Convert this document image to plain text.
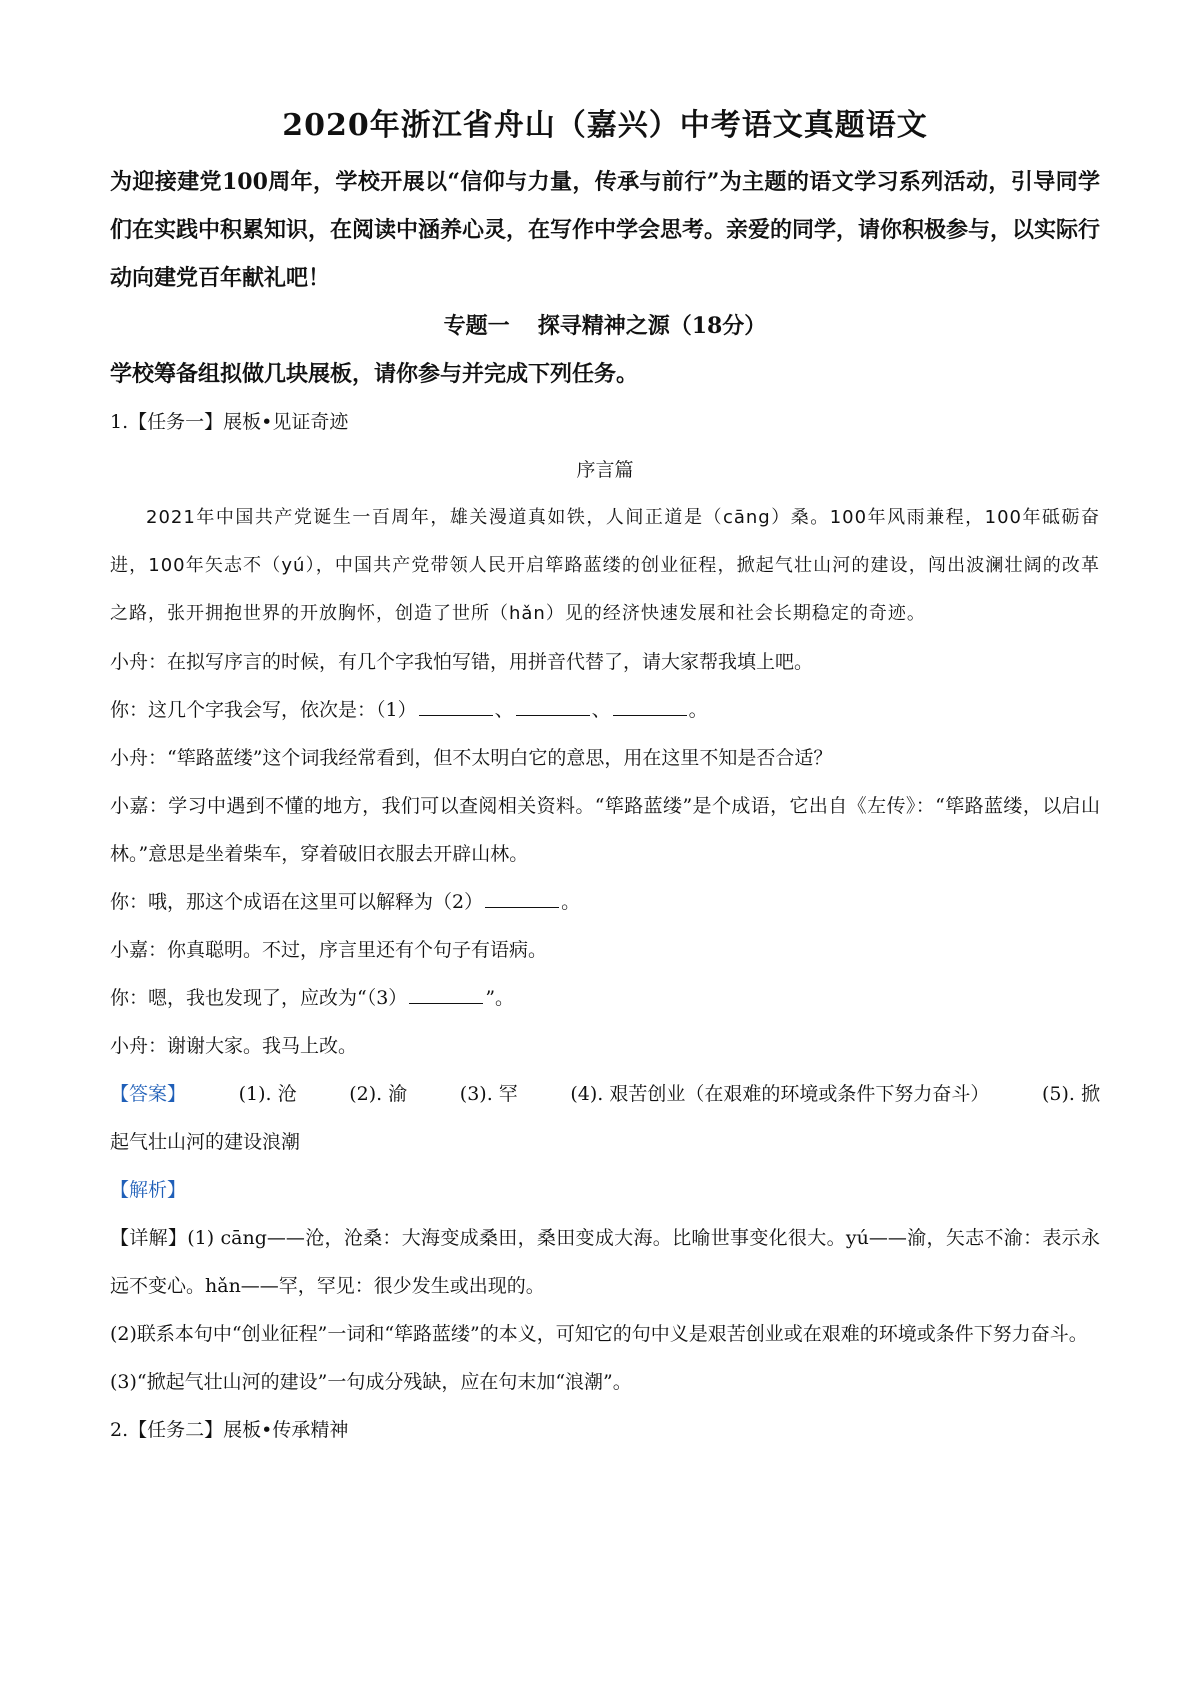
2020年浙江省舟山（嘉兴）中考语文真题语文

为迎接建党100周年，学校开展以“信仰与力量，传承与前行”为主题的语文学习系列活动，引导同学们在实践中积累知识，在阅读中涵养心灵，在写作中学会思考。亲爱的同学，请你积极参与，以实际行动向建党百年献礼吧！

专题一 探寻精神之源（18分）

学校筹备组拟做几块展板，请你参与并完成下列任务。

1.【任务一】展板•见证奇迹

序言篇

2021年中国共产党诞生一百周年，雄关漫道真如铁，人间正道是（cāng）桑。100年风雨兼程，100年砥砺奋进，100年矢志不（yú），中国共产党带领人民开启筚路蓝缕的创业征程，掀起气壮山河的建设，闯出波澜壮阔的改革之路，张开拥抱世界的开放胸怀，创造了世所（hǎn）见的经济快速发展和社会长期稳定的奇迹。

小舟：在拟写序言的时候，有几个字我怕写错，用拼音代替了，请大家帮我填上吧。

你：这几个字我会写，依次是：（1）	、	、	。

小舟：“筚路蓝缕”这个词我经常看到，但不太明白它的意思，用在这里不知是否合适？

小嘉：学习中遇到不懂的地方，我们可以查阅相关资料。“筚路蓝缕”是个成语，它出自《左传》：“筚路蓝缕，以启山林。”意思是坐着柴车，穿着破旧衣服去开辟山林。

你：哦，那这个成语在这里可以解释为（2）	。

小嘉：你真聪明。不过，序言里还有个句子有语病。

你：嗯，我也发现了，应改为“（3）	”。

小舟：谢谢大家。我马上改。

【答案】	(1). 沧	(2). 渝	(3). 罕	(4). 艰苦创业（在艰难的环境或条件下努力奋斗）	(5). 掀

起气壮山河的建设浪潮

【解析】

【详解】(1) cāng——沧，沧桑：大海变成桑田，桑田变成大海。比喻世事变化很大。yú——渝，矢志不渝：表示永远不变心。hǎn——罕，罕见：很少发生或出现的。

(2)联系本句中“创业征程”一词和“筚路蓝缕”的本义，可知它的句中义是艰苦创业或在艰难的环境或条件下努力奋斗。

(3)“掀起气壮山河的建设”一句成分残缺，应在句末加“浪潮”。

2.【任务二】展板•传承精神
